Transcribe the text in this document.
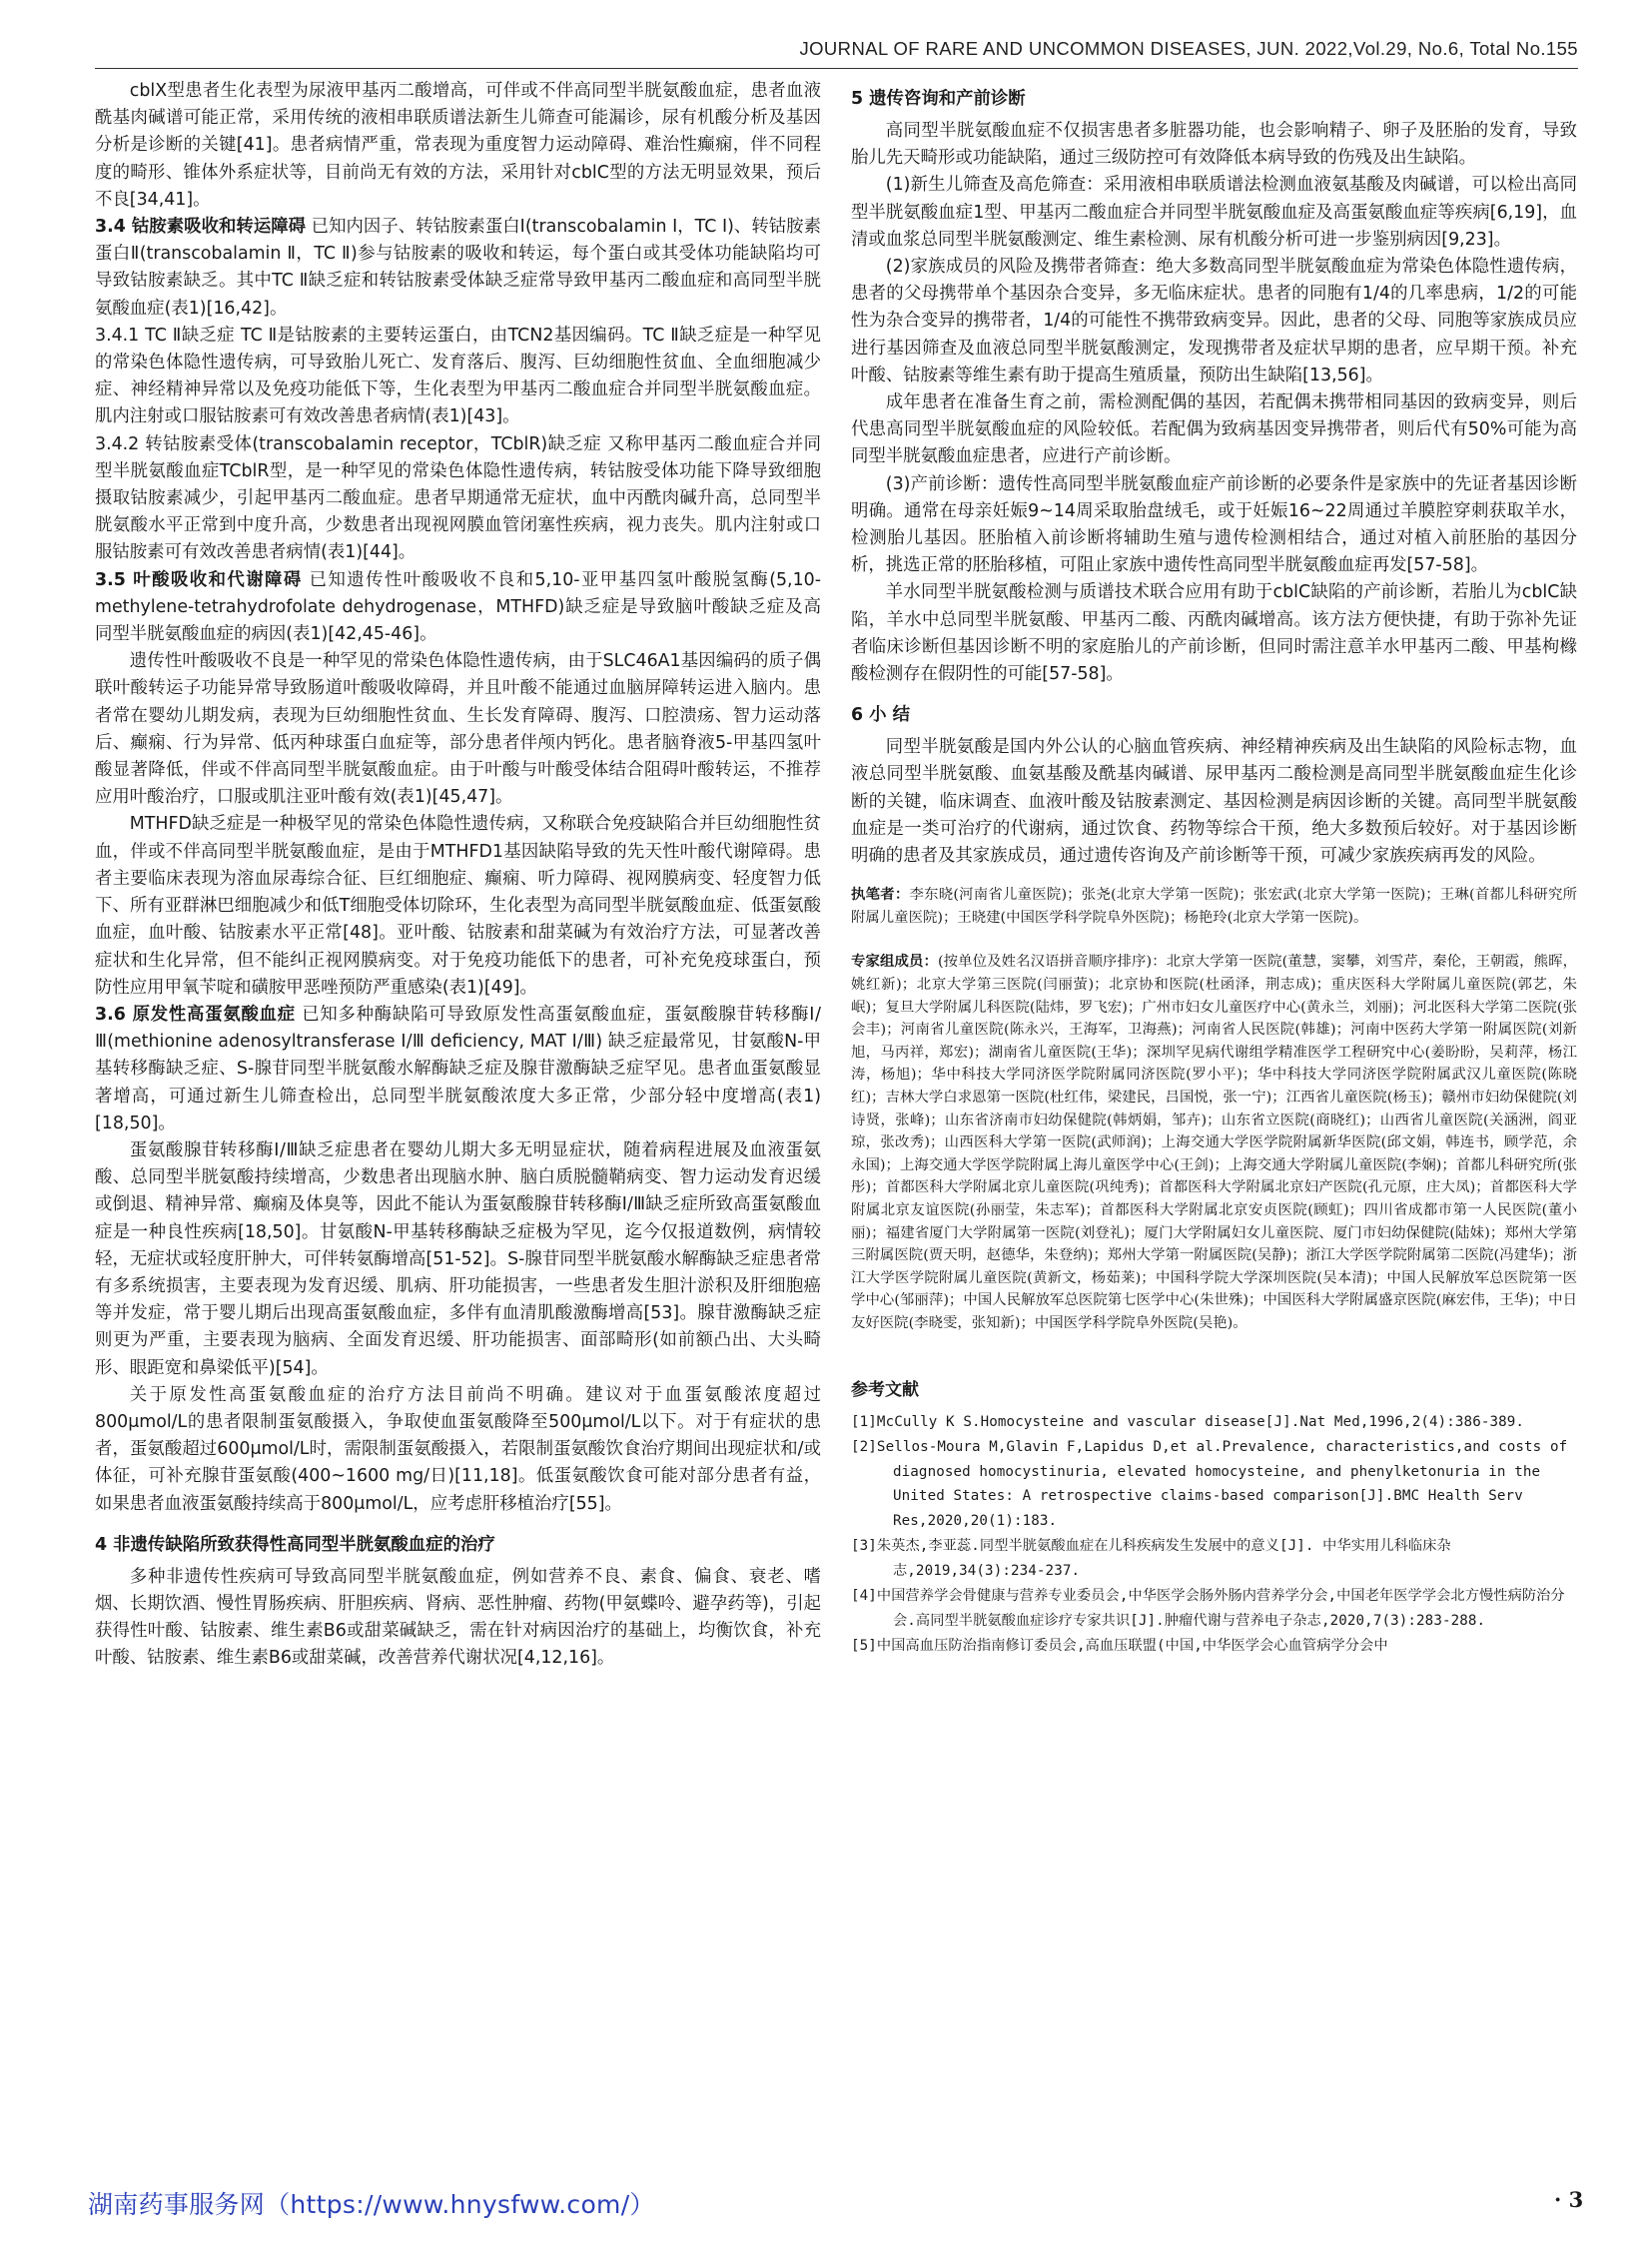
JOURNAL OF RARE AND UNCOMMON DISEASES, JUN. 2022,Vol.29, No.6, Total No.155

cblX型患者生化表型为尿液甲基丙二酸增高，可伴或不伴高同型半胱氨酸血症，患者血液酰基肉碱谱可能正常，采用传统的液相串联质谱法新生儿筛查可能漏诊，尿有机酸分析及基因分析是诊断的关键[41]。患者病情严重，常表现为重度智力运动障碍、难治性癫痫，伴不同程度的畸形、锥体外系症状等，目前尚无有效的方法，采用针对cblC型的方法无明显效果，预后不良[34,41]。

3.4 钴胺素吸收和转运障碍 已知内因子、转钴胺素蛋白Ⅰ(transcobalamin Ⅰ，TC Ⅰ)、转钴胺素蛋白Ⅱ(transcobalamin Ⅱ，TC Ⅱ)参与钴胺素的吸收和转运，每个蛋白或其受体功能缺陷均可导致钴胺素缺乏。其中TC Ⅱ缺乏症和转钴胺素受体缺乏症常导致甲基丙二酸血症和高同型半胱氨酸血症(表1)[16,42]。

3.4.1 TC Ⅱ缺乏症 TC Ⅱ是钴胺素的主要转运蛋白，由TCN2基因编码。TC Ⅱ缺乏症是一种罕见的常染色体隐性遗传病，可导致胎儿死亡、发育落后、腹泻、巨幼细胞性贫血、全血细胞减少症、神经精神异常以及免疫功能低下等，生化表型为甲基丙二酸血症合并同型半胱氨酸血症。肌内注射或口服钴胺素可有效改善患者病情(表1)[43]。

3.4.2 转钴胺素受体(transcobalamin receptor，TCblR)缺乏症 又称甲基丙二酸血症合并同型半胱氨酸血症TCblR型，是一种罕见的常染色体隐性遗传病，转钴胺受体功能下降导致细胞摄取钴胺素减少，引起甲基丙二酸血症。患者早期通常无症状，血中丙酰肉碱升高，总同型半胱氨酸水平正常到中度升高，少数患者出现视网膜血管闭塞性疾病，视力丧失。肌内注射或口服钴胺素可有效改善患者病情(表1)[44]。

3.5 叶酸吸收和代谢障碍 已知遗传性叶酸吸收不良和5,10-亚甲基四氢叶酸脱氢酶(5,10-methylene-tetrahydrofolate dehydrogenase，MTHFD)缺乏症是导致脑叶酸缺乏症及高同型半胱氨酸血症的病因(表1)[42,45-46]。

遗传性叶酸吸收不良是一种罕见的常染色体隐性遗传病，由于SLC46A1基因编码的质子偶联叶酸转运子功能异常导致肠道叶酸吸收障碍，并且叶酸不能通过血脑屏障转运进入脑内。患者常在婴幼儿期发病，表现为巨幼细胞性贫血、生长发育障碍、腹泻、口腔溃疡、智力运动落后、癫痫、行为异常、低丙种球蛋白血症等，部分患者伴颅内钙化。患者脑脊液5-甲基四氢叶酸显著降低，伴或不伴高同型半胱氨酸血症。由于叶酸与叶酸受体结合阻碍叶酸转运，不推荐应用叶酸治疗，口服或肌注亚叶酸有效(表1)[45,47]。

MTHFD缺乏症是一种极罕见的常染色体隐性遗传病，又称联合免疫缺陷合并巨幼细胞性贫血，伴或不伴高同型半胱氨酸血症，是由于MTHFD1基因缺陷导致的先天性叶酸代谢障碍。患者主要临床表现为溶血尿毒综合征、巨红细胞症、癫痫、听力障碍、视网膜病变、轻度智力低下、所有亚群淋巴细胞减少和低T细胞受体切除环，生化表型为高同型半胱氨酸血症、低蛋氨酸血症，血叶酸、钴胺素水平正常[48]。亚叶酸、钴胺素和甜菜碱为有效治疗方法，可显著改善症状和生化异常，但不能纠正视网膜病变。对于免疫功能低下的患者，可补充免疫球蛋白，预防性应用甲氧苄啶和磺胺甲恶唑预防严重感染(表1)[49]。

3.6 原发性高蛋氨酸血症 已知多种酶缺陷可导致原发性高蛋氨酸血症，蛋氨酸腺苷转移酶Ⅰ/Ⅲ(methionine adenosyltransferase Ⅰ/Ⅲ deficiency, MAT Ⅰ/Ⅲ) 缺乏症最常见，甘氨酸N-甲基转移酶缺乏症、S-腺苷同型半胱氨酸水解酶缺乏症及腺苷激酶缺乏症罕见。患者血蛋氨酸显著增高，可通过新生儿筛查检出，总同型半胱氨酸浓度大多正常，少部分轻中度增高(表1)[18,50]。

蛋氨酸腺苷转移酶Ⅰ/Ⅲ缺乏症患者在婴幼儿期大多无明显症状，随着病程进展及血液蛋氨酸、总同型半胱氨酸持续增高，少数患者出现脑水肿、脑白质脱髓鞘病变、智力运动发育迟缓或倒退、精神异常、癫痫及体臭等，因此不能认为蛋氨酸腺苷转移酶Ⅰ/Ⅲ缺乏症所致高蛋氨酸血症是一种良性疾病[18,50]。甘氨酸N-甲基转移酶缺乏症极为罕见，迄今仅报道数例，病情较轻，无症状或轻度肝肿大，可伴转氨酶增高[51-52]。S-腺苷同型半胱氨酸水解酶缺乏症患者常有多系统损害，主要表现为发育迟缓、肌病、肝功能损害，一些患者发生胆汁淤积及肝细胞癌等并发症，常于婴儿期后出现高蛋氨酸血症，多伴有血清肌酸激酶增高[53]。腺苷激酶缺乏症则更为严重，主要表现为脑病、全面发育迟缓、肝功能损害、面部畸形(如前额凸出、大头畸形、眼距宽和鼻梁低平)[54]。

关于原发性高蛋氨酸血症的治疗方法目前尚不明确。建议对于血蛋氨酸浓度超过800μmol/L的患者限制蛋氨酸摄入，争取使血蛋氨酸降至500μmol/L以下。对于有症状的患者，蛋氨酸超过600μmol/L时，需限制蛋氨酸摄入，若限制蛋氨酸饮食治疗期间出现症状和/或体征，可补充腺苷蛋氨酸(400~1600 mg/日)[11,18]。低蛋氨酸饮食可能对部分患者有益，如果患者血液蛋氨酸持续高于800μmol/L，应考虑肝移植治疗[55]。

4 非遗传缺陷所致获得性高同型半胱氨酸血症的治疗

多种非遗传性疾病可导致高同型半胱氨酸血症，例如营养不良、素食、偏食、衰老、嗜烟、长期饮酒、慢性胃肠疾病、肝胆疾病、肾病、恶性肿瘤、药物(甲氨蝶呤、避孕药等)，引起获得性叶酸、钴胺素、维生素B6或甜菜碱缺乏，需在针对病因治疗的基础上，均衡饮食，补充叶酸、钴胺素、维生素B6或甜菜碱，改善营养代谢状况[4,12,16]。

5 遗传咨询和产前诊断

高同型半胱氨酸血症不仅损害患者多脏器功能，也会影响精子、卵子及胚胎的发育，导致胎儿先天畸形或功能缺陷，通过三级防控可有效降低本病导致的伤残及出生缺陷。

(1)新生儿筛查及高危筛查：采用液相串联质谱法检测血液氨基酸及肉碱谱，可以检出高同型半胱氨酸血症1型、甲基丙二酸血症合并同型半胱氨酸血症及高蛋氨酸血症等疾病[6,19]，血清或血浆总同型半胱氨酸测定、维生素检测、尿有机酸分析可进一步鉴别病因[9,23]。

(2)家族成员的风险及携带者筛查：绝大多数高同型半胱氨酸血症为常染色体隐性遗传病，患者的父母携带单个基因杂合变异，多无临床症状。患者的同胞有1/4的几率患病，1/2的可能性为杂合变异的携带者，1/4的可能性不携带致病变异。因此，患者的父母、同胞等家族成员应进行基因筛查及血液总同型半胱氨酸测定，发现携带者及症状早期的患者，应早期干预。补充叶酸、钴胺素等维生素有助于提高生殖质量，预防出生缺陷[13,56]。

成年患者在准备生育之前，需检测配偶的基因，若配偶未携带相同基因的致病变异，则后代患高同型半胱氨酸血症的风险较低。若配偶为致病基因变异携带者，则后代有50%可能为高同型半胱氨酸血症患者，应进行产前诊断。

(3)产前诊断：遗传性高同型半胱氨酸血症产前诊断的必要条件是家族中的先证者基因诊断明确。通常在母亲妊娠9~14周采取胎盘绒毛，或于妊娠16~22周通过羊膜腔穿刺获取羊水，检测胎儿基因。胚胎植入前诊断将辅助生殖与遗传检测相结合，通过对植入前胚胎的基因分析，挑选正常的胚胎移植，可阻止家族中遗传性高同型半胱氨酸血症再发[57-58]。

羊水同型半胱氨酸检测与质谱技术联合应用有助于cblC缺陷的产前诊断，若胎儿为cblC缺陷，羊水中总同型半胱氨酸、甲基丙二酸、丙酰肉碱增高。该方法方便快捷，有助于弥补先证者临床诊断但基因诊断不明的家庭胎儿的产前诊断，但同时需注意羊水甲基丙二酸、甲基枸橼酸检测存在假阴性的可能[57-58]。

6 小 结

同型半胱氨酸是国内外公认的心脑血管疾病、神经精神疾病及出生缺陷的风险标志物，血液总同型半胱氨酸、血氨基酸及酰基肉碱谱、尿甲基丙二酸检测是高同型半胱氨酸血症生化诊断的关键，临床调查、血液叶酸及钴胺素测定、基因检测是病因诊断的关键。高同型半胱氨酸血症是一类可治疗的代谢病，通过饮食、药物等综合干预，绝大多数预后较好。对于基因诊断明确的患者及其家族成员，通过遗传咨询及产前诊断等干预，可减少家族疾病再发的风险。

执笔者：李东晓(河南省儿童医院)；张尧(北京大学第一医院)；张宏武(北京大学第一医院)；王琳(首都儿科研究所附属儿童医院)；王晓建(中国医学科学院阜外医院)；杨艳玲(北京大学第一医院)。

专家组成员：(按单位及姓名汉语拼音顺序排序)：北京大学第一医院(董慧，窦攀，刘雪芹，秦伦，王朝霞，熊晖，姚红新)；北京大学第三医院(闫丽萤)；北京协和医院(杜函泽，荆志成)；重庆医科大学附属儿童医院(郭艺，朱岷)；复旦大学附属儿科医院(陆炜，罗飞宏)；广州市妇女儿童医疗中心(黄永兰，刘丽)；河北医科大学第二医院(张会丰)；河南省儿童医院(陈永兴，王海军，卫海燕)；河南省人民医院(韩雄)；河南中医药大学第一附属医院(刘新旭，马丙祥，郑宏)；湖南省儿童医院(王华)；深圳罕见病代谢组学精准医学工程研究中心(姜盼盼，吴莉萍，杨江涛，杨旭)；华中科技大学同济医学院附属同济医院(罗小平)；华中科技大学同济医学院附属武汉儿童医院(陈晓红)；吉林大学白求恩第一医院(杜红伟，梁建民，吕国悦，张一宁)；江西省儿童医院(杨玉)；赣州市妇幼保健院(刘诗贤，张峰)；山东省济南市妇幼保健院(韩炳娟，邹卉)；山东省立医院(商晓红)；山西省儿童医院(关涵洲，阎亚琼，张改秀)；山西医科大学第一医院(武师润)；上海交通大学医学院附属新华医院(邱文娟，韩连书，顾学范，余永国)；上海交通大学医学院附属上海儿童医学中心(王剑)；上海交通大学附属儿童医院(李娴)；首都儿科研究所(张彤)；首都医科大学附属北京儿童医院(巩纯秀)；首都医科大学附属北京妇产医院(孔元原，庄大凤)；首都医科大学附属北京友谊医院(孙丽莹，朱志军)；首都医科大学附属北京安贞医院(顾虹)；四川省成都市第一人民医院(董小丽)；福建省厦门大学附属第一医院(刘登礼)；厦门大学附属妇女儿童医院、厦门市妇幼保健院(陆妹)；郑州大学第三附属医院(贾天明，赵德华，朱登纳)；郑州大学第一附属医院(吴静)；浙江大学医学院附属第二医院(冯建华)；浙江大学医学院附属儿童医院(黄新文，杨茹莱)；中国科学院大学深圳医院(吴本清)；中国人民解放军总医院第一医学中心(邹丽萍)；中国人民解放军总医院第七医学中心(朱世殊)；中国医科大学附属盛京医院(麻宏伟，王华)；中日友好医院(李晓雯，张知新)；中国医学科学院阜外医院(吴艳)。

参考文献
[1]McCully K S.Homocysteine and vascular disease[J].Nat Med,1996,2(4):386-389.
[2]Sellos-Moura M,Glavin F,Lapidus D,et al.Prevalence, characteristics,and costs of diagnosed homocystinuria, elevated homocysteine, and phenylketonuria in the United States: A retrospective claims-based comparison[J].BMC Health Serv Res,2020,20(1):183.
[3]朱英杰,李亚蕊.同型半胱氨酸血症在儿科疾病发生发展中的意义[J]. 中华实用儿科临床杂志,2019,34(3):234-237.
[4]中国营养学会骨健康与营养专业委员会,中华医学会肠外肠内营养学分会,中国老年医学学会北方慢性病防治分会.高同型半胱氨酸血症诊疗专家共识[J].肿瘤代谢与营养电子杂志,2020,7(3):283-288.
[5]中国高血压防治指南修订委员会,高血压联盟(中国,中华医学会心血管病学分会中
湖南药事服务网（https://www.hnysfww.com/）	· 3
